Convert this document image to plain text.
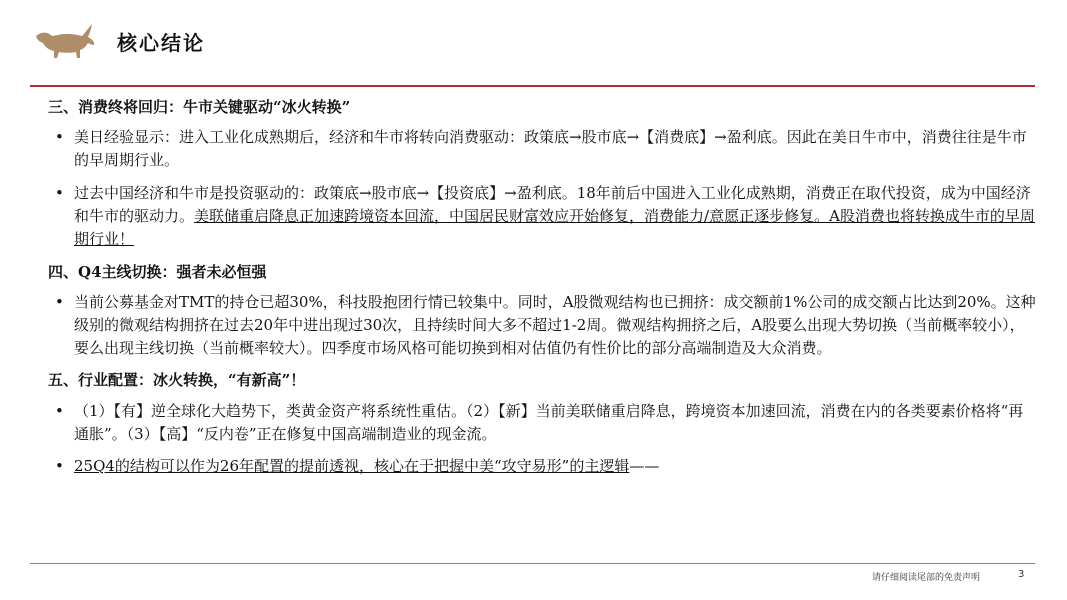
核心结论

三、消费终将回归：牛市关键驱动“冰火转换”

• 美日经验显示：进入工业化成熟期后，经济和牛市将转向消费驱动：政策底→股市底→【消费底】→盈利底。因此在美日牛市中，消费往往是牛市的早周期行业。

• 过去中国经济和牛市是投资驱动的：政策底→股市底→【投资底】→盈利底。18年前后中国进入工业化成熟期，消费正在取代投资，成为中国经济和牛市的驱动力。美联储重启降息正加速跨境资本回流，中国居民财富效应开始修复，消费能力/意愿正逐步修复。A股消费也将转换成牛市的早周期行业！

四、Q4主线切换：强者未必恒强

• 当前公募基金对TMT的持仓已超30%，科技股抱团行情已较集中。同时，A股微观结构也已拥挤：成交额前1%公司的成交额占比达到20%。这种级别的微观结构拥挤在过去20年中进出现过30次，且持续时间大多不超过1-2周。微观结构拥挤之后，A股要么出现大势切换（当前概率较小），要么出现主线切换（当前概率较大）。四季度市场风格可能切换到相对估值仍有性价比的部分高端制造及大众消费。

五、行业配置：冰火转换，“有新高”！

• （1）【有】逆全球化大趋势下，类黄金资产将系统性重估。（2）【新】当前美联储重启降息，跨境资本加速回流，消费在内的各类要素价格将“再通胀”。（3）【高】“反内卷”正在修复中国高端制造业的现金流。

• 25Q4的结构可以作为26年配置的提前透视，核心在于把握中美“攻守易形”的主逻辑——

请仔细阅读尾部的免责声明	3
